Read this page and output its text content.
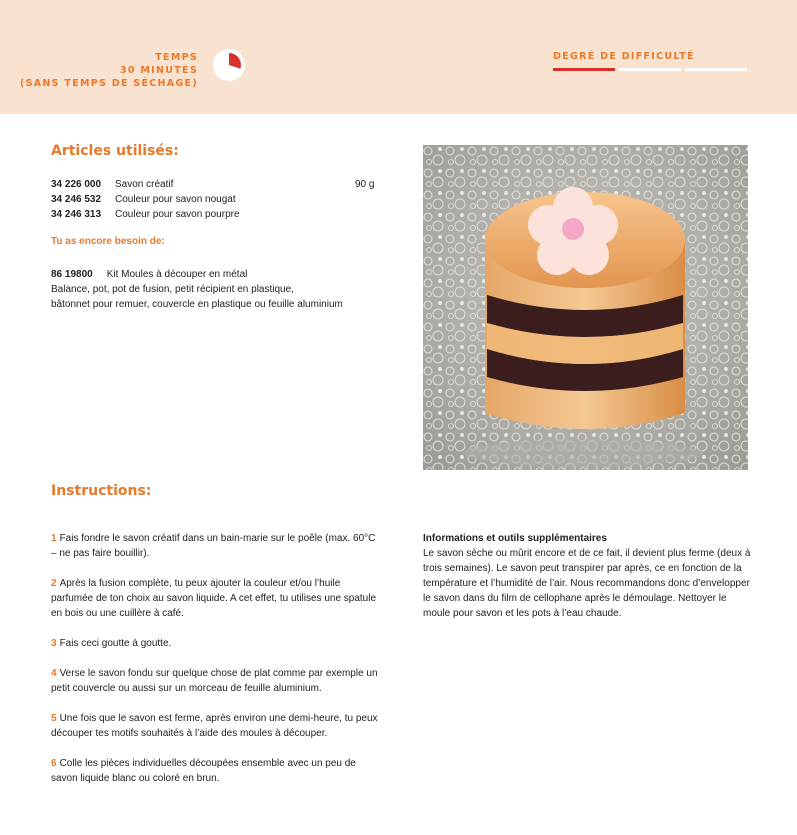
TEMPS
30 MINUTES
(SANS TEMPS DE SÉCHAGE)
DEGRÉ DE DIFFICULTÉ
Articles utilisés:
34 226 000 Savon créatif	90 g
34 246 532 Couleur pour savon nougat
34 246 313 Couleur pour savon pourpre
Tu as encore besoin de:
86 19800 Kit Moules à découper en métal
Balance, pot, pot de fusion, petit récipient en plastique,
bâtonnet pour remuer, couvercle en plastique ou feuille aluminium
Instructions:
1 Fais fondre le savon créatif dans un bain-marie sur le poêle (max. 60°C – ne pas faire bouillir).
2 Après la fusion complète, tu peux ajouter la couleur et/ou l’huile parfumée de ton choix au savon liquide. A cet effet, tu utilises une spatule en bois ou une cuillère à café.
3 Fais ceci goutte à goutte.
4 Verse le savon fondu sur quelque chose de plat comme par exemple un petit couvercle ou aussi sur un morceau de feuille aluminium.
5 Une fois que le savon est ferme, après environ une demi-heure, tu peux découper tes motifs souhaités à l’aide des moules à découper.
6 Colle les pièces individuelles découpées ensemble avec un peu de savon liquide blanc ou coloré en brun.
Informations et outils supplémentaires
Le savon sèche ou mûrit encore et de ce fait, il devient plus ferme (deux à trois semaines). Le savon peut transpirer par après, ce en fonction de la température et l’humidité de l’air. Nous recommandons donc d’envelopper le savon dans du film de cellophane après le démoulage. Nettoyer le moule pour savon et les pots à l’eau chaude.
